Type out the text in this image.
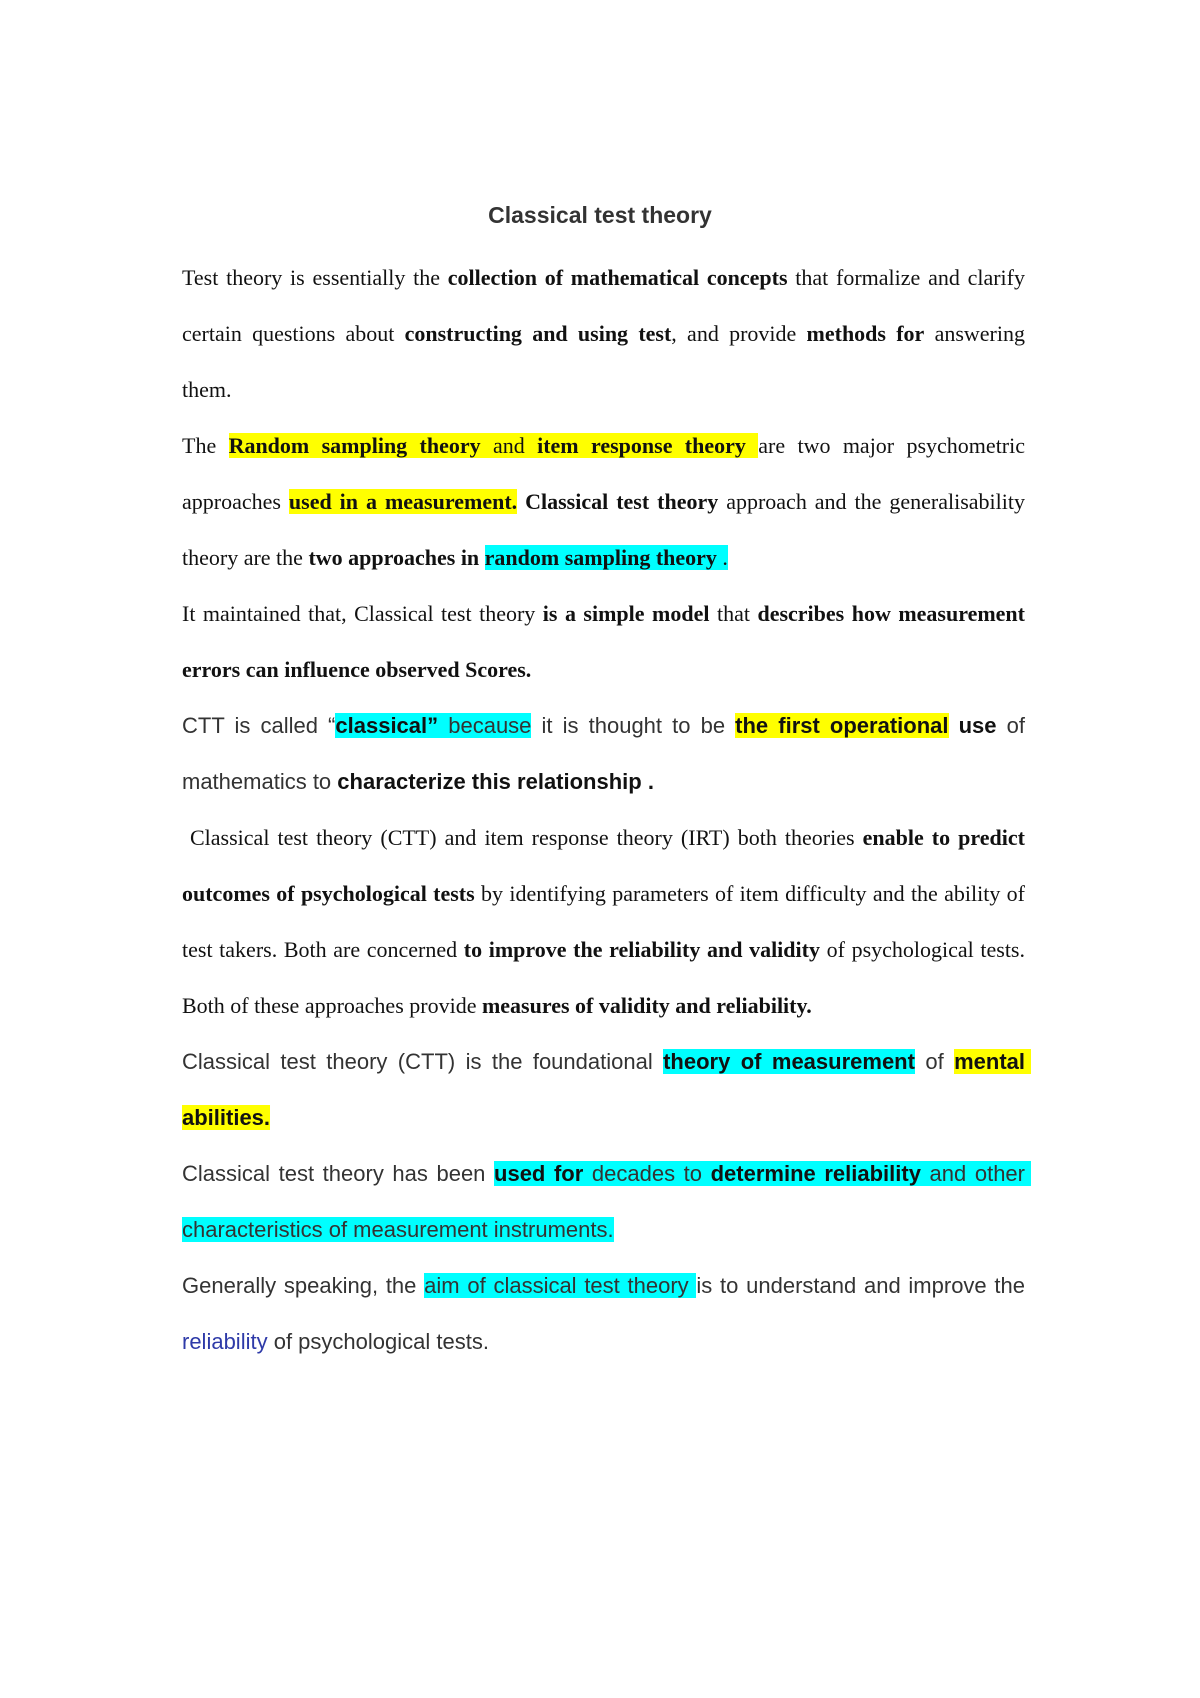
Classical test theory

Test theory is essentially the collection of mathematical concepts that formalize and clarify certain questions about constructing and using test, and provide methods for answering them.

The Random sampling theory and item response theory are two major psychometric approaches used in a measurement. Classical test theory approach and the generalisability theory are the two approaches in random sampling theory .

It maintained that, Classical test theory is a simple model that describes how measurement errors can influence observed Scores.

CTT is called “classical” because it is thought to be the first operational use of mathematics to characterize this relationship .

Classical test theory (CTT) and item response theory (IRT) both theories enable to predict outcomes of psychological tests by identifying parameters of item difficulty and the ability of test takers. Both are concerned to improve the reliability and validity of psychological tests. Both of these approaches provide measures of validity and reliability.

Classical test theory (CTT) is the foundational theory of measurement of mental abilities.

Classical test theory has been used for decades to determine reliability and other characteristics of measurement instruments.

Generally speaking, the aim of classical test theory is to understand and improve the reliability of psychological tests.
